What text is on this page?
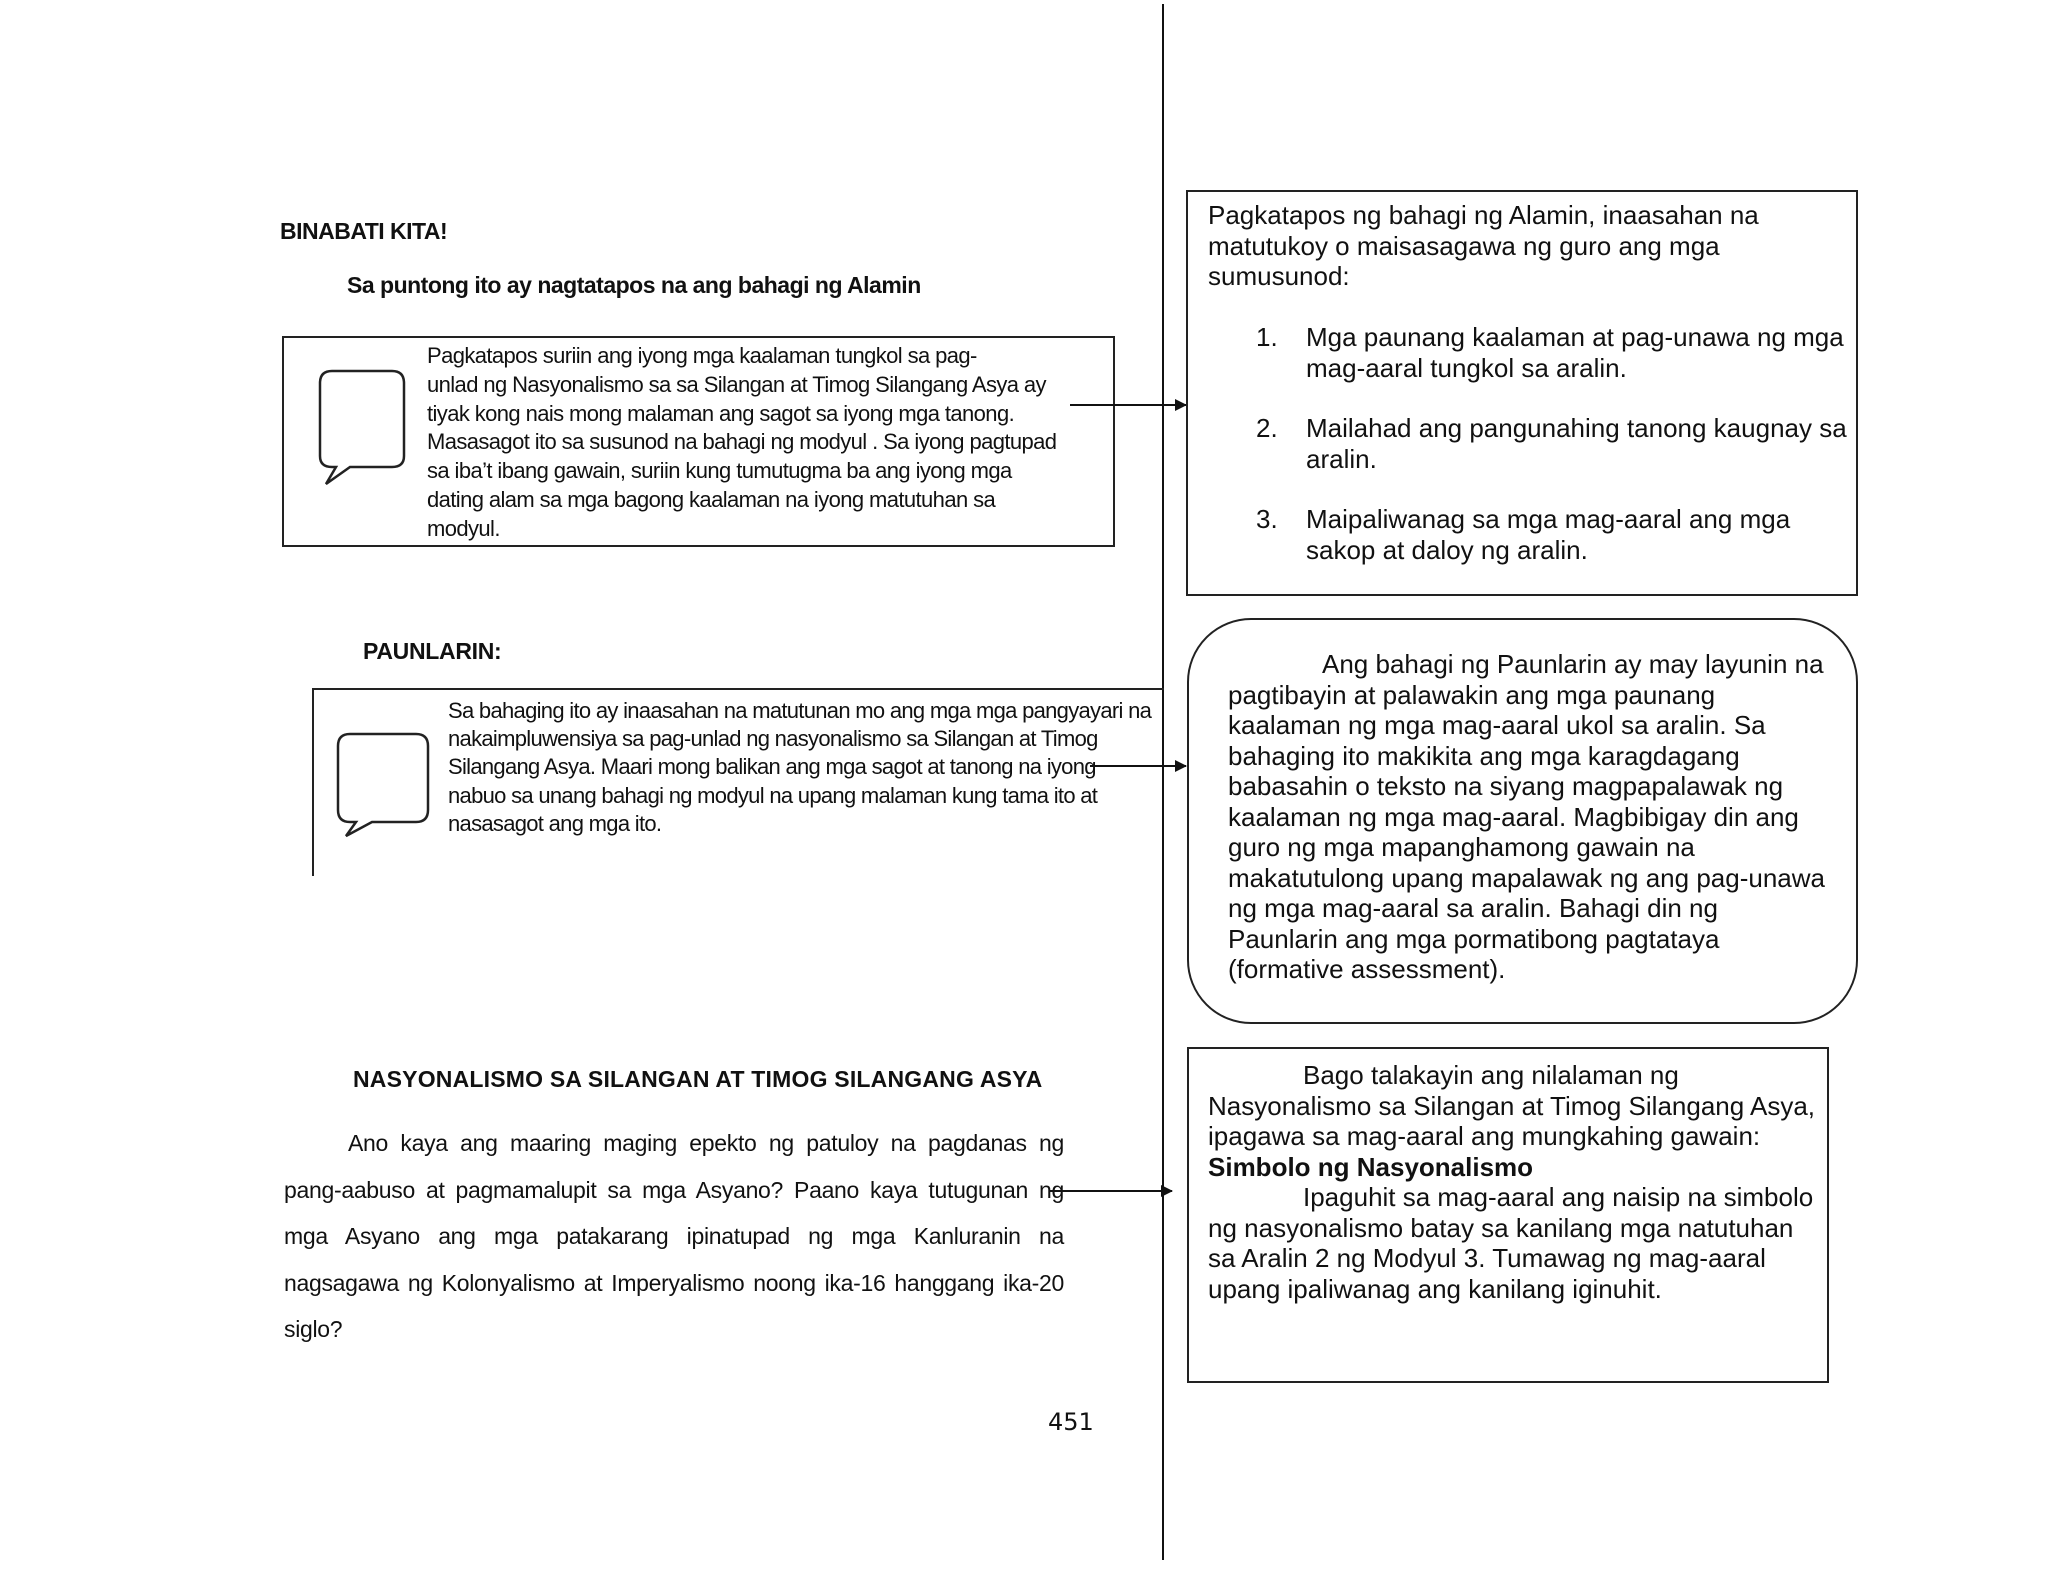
BINABATI KITA!
Sa puntong ito ay nagtatapos na ang bahagi ng Alamin
Pagkatapos suriin ang iyong mga kaalaman tungkol sa pag-
unlad ng Nasyonalismo sa sa Silangan at Timog Silangang Asya ay
tiyak kong nais mong malaman ang sagot sa iyong mga tanong.
Masasagot ito sa susunod na bahagi ng modyul . Sa iyong pagtupad
sa iba’t ibang gawain, suriin kung tumutugma ba ang iyong mga
dating alam sa mga bagong kaalaman na iyong matutuhan sa
modyul.
PAUNLARIN:
Sa bahaging ito ay inaasahan na matutunan mo ang mga mga pangyayari na
nakaimpluwensiya sa pag-unlad ng nasyonalismo sa Silangan at Timog
Silangang Asya. Maari mong balikan ang mga sagot at tanong na iyong
nabuo sa unang bahagi ng modyul na upang malaman kung tama ito at
nasasagot ang mga ito.
NASYONALISMO SA SILANGAN AT TIMOG SILANGANG ASYA
Ano kaya ang maaring maging epekto ng patuloy na pagdanas ng pang-aabuso at pagmamalupit sa mga Asyano? Paano kaya tutugunan ng mga Asyano ang mga patakarang ipinatupad ng mga Kanluranin na nagsagawa ng Kolonyalismo at Imperyalismo noong ika-16 hanggang ika-20 siglo?
451
Pagkatapos ng bahagi ng Alamin, inaasahan na matutukoy o maisasagawa ng guro ang mga sumusunod:
1.	Mga paunang kaalaman at pag-unawa ng mga mag-aaral tungkol sa aralin.
2.	Mailahad ang pangunahing tanong kaugnay sa aralin.
3.	Maipaliwanag sa mga mag-aaral ang mga sakop at daloy ng aralin.
Ang bahagi ng Paunlarin ay may layunin na pagtibayin at palawakin ang mga paunang kaalaman ng mga mag-aaral ukol sa aralin. Sa bahaging ito makikita ang mga karagdagang babasahin o teksto na siyang magpapalawak ng kaalaman ng mga mag-aaral. Magbibigay din ang guro ng mga mapanghamong gawain na makatutulong upang mapalawak ng ang pag-unawa ng mga mag-aaral sa aralin. Bahagi din ng Paunlarin ang mga pormatibong pagtataya (formative assessment).
Bago talakayin ang nilalaman ng Nasyonalismo sa Silangan at Timog Silangang Asya, ipagawa sa mag-aaral ang mungkahing gawain:
Simbolo ng Nasyonalismo
Ipaguhit sa mag-aaral ang naisip na simbolo ng nasyonalismo batay sa kanilang mga natutuhan sa Aralin 2 ng Modyul 3. Tumawag ng mag-aaral upang ipaliwanag ang kanilang iginuhit.
